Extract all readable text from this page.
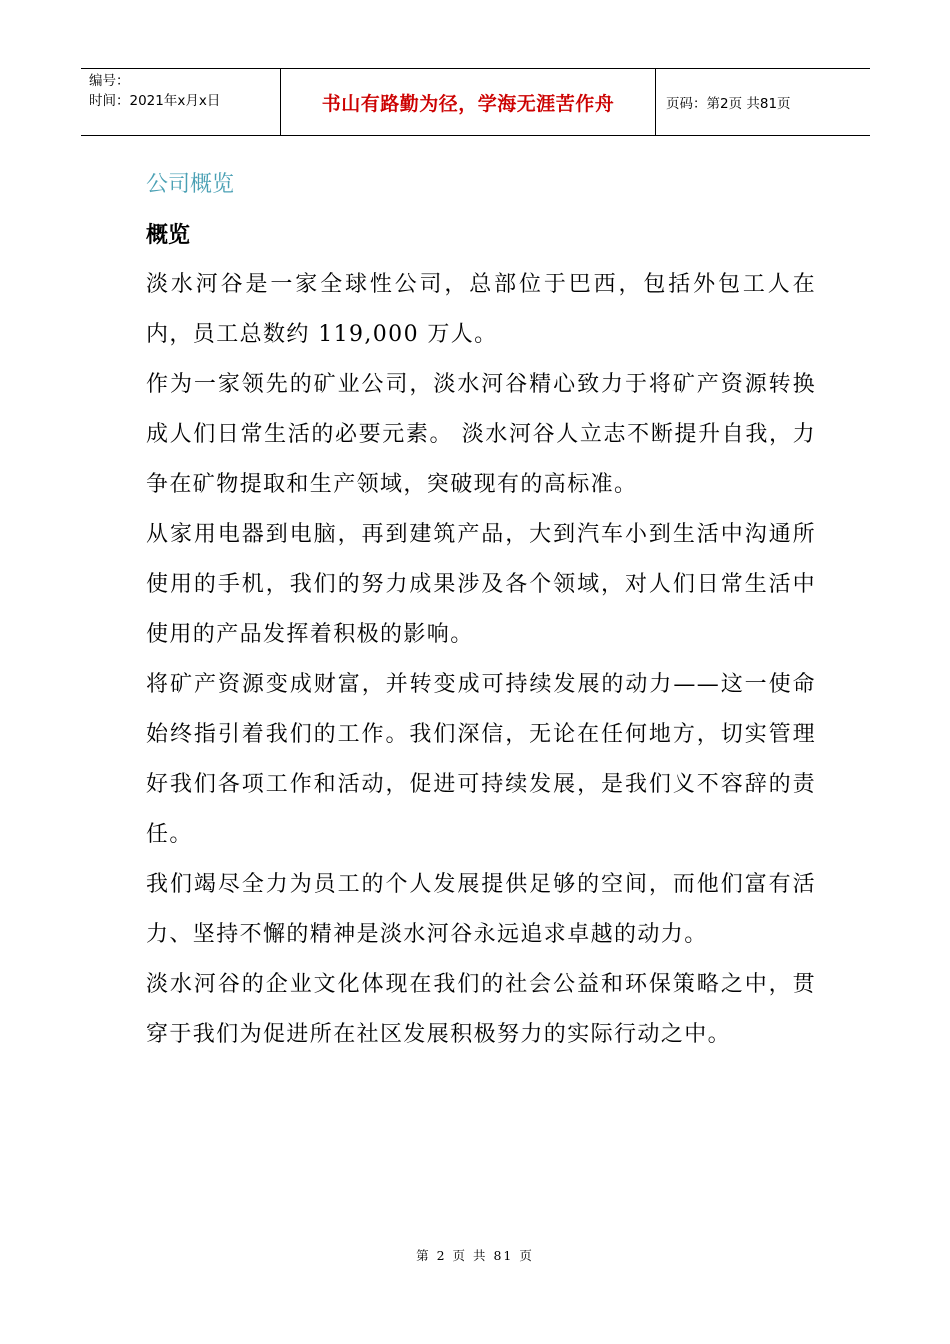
编号：
时间：2021年x月x日	书山有路勤为径，学海无涯苦作舟	页码：第2页 共81页
公司概览
概览

淡水河谷是一家全球性公司，总部位于巴西，包括外包工人在内，员工总数约 119,000 万人。

作为一家领先的矿业公司，淡水河谷精心致力于将矿产资源转换成人们日常生活的必要元素。 淡水河谷人立志不断提升自我，力争在矿物提取和生产领域，突破现有的高标准。

从家用电器到电脑，再到建筑产品，大到汽车小到生活中沟通所使用的手机，我们的努力成果涉及各个领域，对人们日常生活中使用的产品发挥着积极的影响。

将矿产资源变成财富，并转变成可持续发展的动力——这一使命始终指引着我们的工作。我们深信，无论在任何地方，切实管理好我们各项工作和活动，促进可持续发展，是我们义不容辞的责任。

我们竭尽全力为员工的个人发展提供足够的空间，而他们富有活力、坚持不懈的精神是淡水河谷永远追求卓越的动力。

淡水河谷的企业文化体现在我们的社会公益和环保策略之中，贯穿于我们为促进所在社区发展积极努力的实际行动之中。

第 2 页 共 81 页
